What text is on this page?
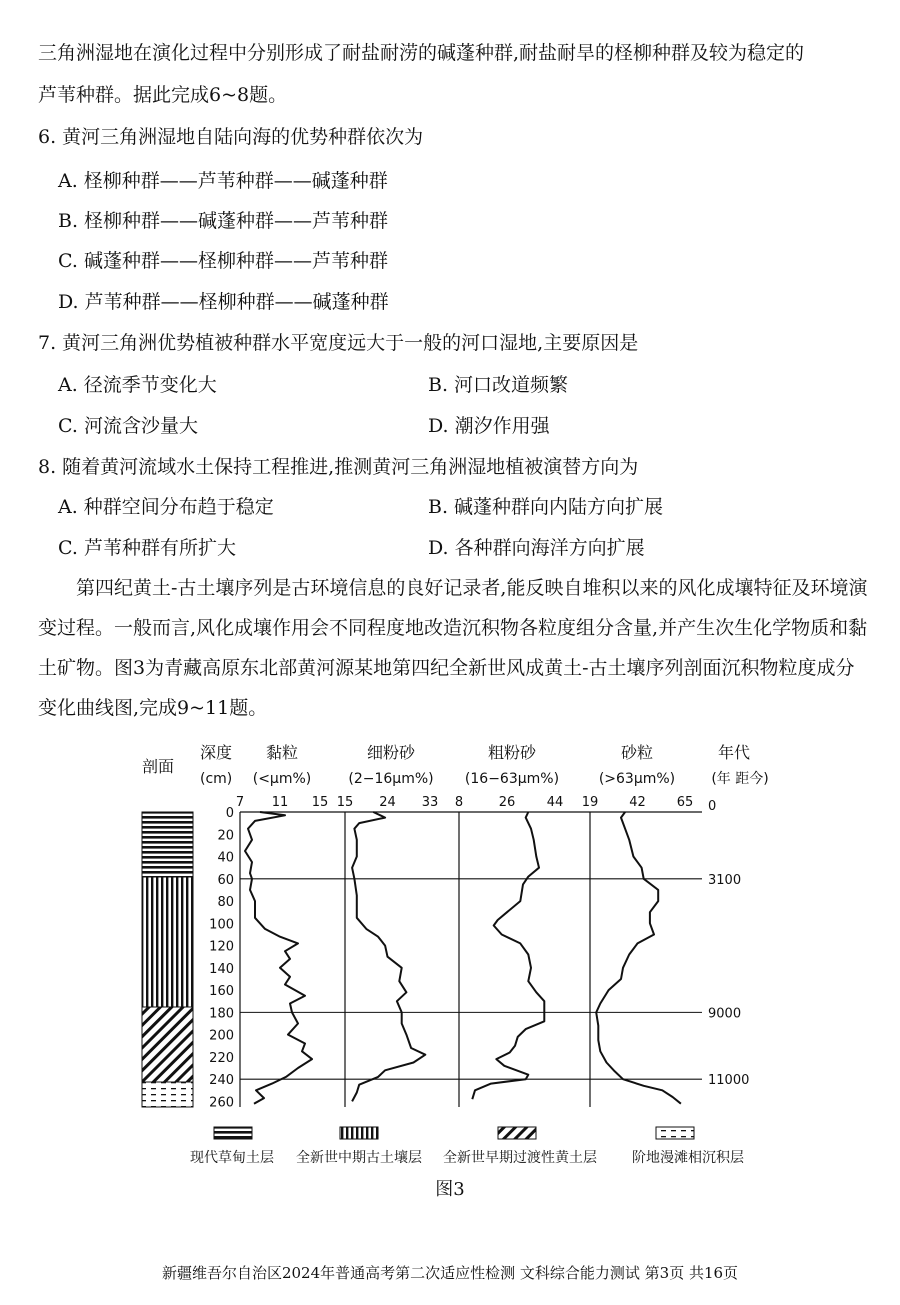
三角洲湿地在演化过程中分别形成了耐盐耐涝的碱蓬种群,耐盐耐旱的柽柳种群及较为稳定的
芦苇种群。据此完成6~8题。
6. 黄河三角洲湿地自陆向海的优势种群依次为
A. 柽柳种群——芦苇种群——碱蓬种群
B. 柽柳种群——碱蓬种群——芦苇种群
C. 碱蓬种群——柽柳种群——芦苇种群
D. 芦苇种群——柽柳种群——碱蓬种群
7. 黄河三角洲优势植被种群水平宽度远大于一般的河口湿地,主要原因是
A. 径流季节变化大	B. 河口改道频繁
C. 河流含沙量大	D. 潮汐作用强
8. 随着黄河流域水土保持工程推进,推测黄河三角洲湿地植被演替方向为
A. 种群空间分布趋于稳定	B. 碱蓬种群向内陆方向扩展
C. 芦苇种群有所扩大	D. 各种群向海洋方向扩展
第四纪黄土-古土壤序列是古环境信息的良好记录者,能反映自堆积以来的风化成壤特征及环境演变过程。一般而言,风化成壤作用会不同程度地改造沉积物各粒度组分含量,并产生次生化学物质和黏土矿物。图3为青藏高原东北部黄河源某地第四纪全新世风成黄土-古土壤序列剖面沉积物粒度成分变化曲线图,完成9~11题。
剖面
深度
(cm)
黏粒
(<μm%)
细粉砂
(2−16μm%)
粗粉砂
(16−63μm%)
砂粒
(>63μm%)
年代
(年 距今)
0
20
40
60
80
100
120
140
160
180
200
220
240
260
0
3100
9000
11000
7 11 15 15 24 33 8	26 44 19 42 65
现代草甸土层 全新世中期古土壤层 全新世早期过渡性黄土层	阶地漫滩相沉积层
图3
新疆维吾尔自治区2024年普通高考第二次适应性检测 文科综合能力测试 第3页 共16页
